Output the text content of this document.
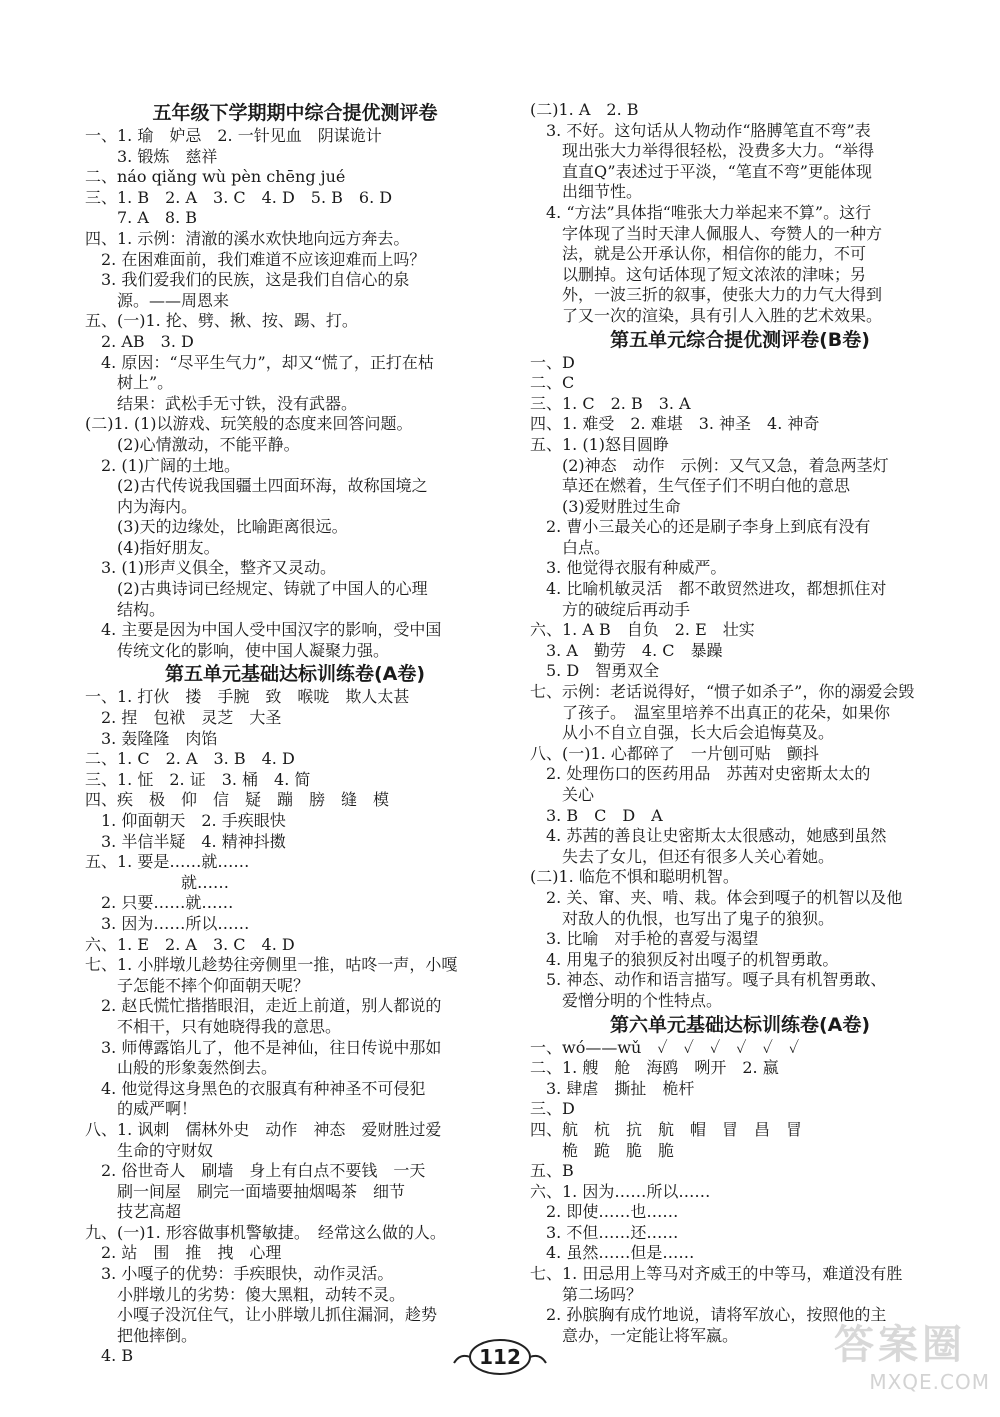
五年级下学期期中综合提优测评卷
一、1. 瑜　妒忌　2. 一针见血　阴谋诡计
　　3. 锻炼　慈祥
二、náo qiǎng wù pèn chēng jué
三、1. B　2. A　3. C　4. D　5. B　6. D
　　7. A　8. B
四、1. 示例：清澈的溪水欢快地向远方奔去。
　2. 在困难面前，我们难道不应该迎难而上吗？
　3. 我们爱我们的民族，这是我们自信心的泉
　　源。——周恩来
五、(一)1. 抡、劈、揪、按、踢、打。
　2. AB　3. D
　4. 原因：“尽平生气力”，却又“慌了，正打在枯
　　树上”。
　　结果：武松手无寸铁，没有武器。
(二)1. (1)以游戏、玩笑般的态度来回答问题。
　　(2)心情激动，不能平静。
　2. (1)广阔的土地。
　　(2)古代传说我国疆土四面环海，故称国境之
　　内为海内。
　　(3)天的边缘处，比喻距离很远。
　　(4)指好朋友。
　3. (1)形声义俱全，整齐又灵动。
　　(2)古典诗词已经规定、铸就了中国人的心理
　　结构。
　4. 主要是因为中国人受中国汉字的影响，受中国
　　传统文化的影响，使中国人凝聚力强。
第五单元基础达标训练卷(A卷)
一、1. 打伙　搂　手腕　致　喉咙　欺人太甚
　2. 捏　包袱　灵芝　大圣
　3. 轰隆隆　肉馅
二、1. C　2. A　3. B　4. D
三、1. 怔　2. 证　3. 桶　4. 简
四、疾　极　仰　信　疑　蹦　膀　缝　模
　1. 仰面朝天　2. 手疾眼快
　3. 半信半疑　4. 精神抖擞
五、1. 要是……就……
　　　　　　就……
　2. 只要……就……
　3. 因为……所以……
六、1. E　2. A　3. C　4. D
七、1. 小胖墩儿趁势往旁侧里一推，咕咚一声，小嘎
　　子怎能不摔个仰面朝天呢？
　2. 赵氏慌忙揩揩眼泪，走近上前道，别人都说的
　　不相干，只有她晓得我的意思。
　3. 师傅露馅儿了，他不是神仙，往日传说中那如
　　山般的形象轰然倒去。
　4. 他觉得这身黑色的衣服真有种神圣不可侵犯
　　的威严啊！
八、1. 讽刺　儒林外史　动作　神态　爱财胜过爱
　　生命的守财奴
　2. 俗世奇人　刷墙　身上有白点不要钱　一天
　　刷一间屋　刷完一面墙要抽烟喝茶　细节
　　技艺高超
九、(一)1. 形容做事机警敏捷。　经常这么做的人。
　2. 站　围　推　拽　心理
　3. 小嘎子的优势：手疾眼快，动作灵活。
　　小胖墩儿的劣势：傻大黑粗，动转不灵。
　　小嘎子没沉住气，让小胖墩儿抓住漏洞，趁势
　　把他摔倒。
　4. B
(二)1. A　2. B
　3. 不好。这句话从人物动作“胳膊笔直不弯”表
　　现出张大力举得很轻松，没费多大力。“举得
　　直直Q”表述过于平淡，“笔直不弯”更能体现
　　出细节性。
　4. “方法”具体指“唯张大力举起来不算”。这行
　　字体现了当时天津人佩服人、夸赞人的一种方
　　法，就是公开承认你，相信你的能力，不可
　　以删掉。这句话体现了短文浓浓的津味；另
　　外，一波三折的叙事，使张大力的力气大得到
　　了又一次的渲染，具有引人入胜的艺术效果。
第五单元综合提优测评卷(B卷)
一、D
二、C
三、1. C　2. B　3. A
四、1. 难受　2. 难堪　3. 神圣　4. 神奇
五、1. (1)怒目圆睁
　　(2)神态　动作　示例：又气又急，着急两茎灯
　　草还在燃着，生气侄子们不明白他的意思
　　(3)爱财胜过生命
　2. 曹小三最关心的还是刷子李身上到底有没有
　　白点。
　3. 他觉得衣服有种威严。
　4. 比喻机敏灵活　都不敢贸然进攻，都想抓住对
　　方的破绽后再动手
六、1. A B　自负　2. E　壮实
　3. A　勤劳　4. C　暴躁
　5. D　智勇双全
七、示例：老话说得好，“惯子如杀子”，你的溺爱会毁
　　了孩子。　温室里培养不出真正的花朵，如果你
　　从小不自立自强，长大后会追悔莫及。
八、(一)1. 心都碎了　一片刨可贴　颤抖
　2. 处理伤口的医药用品　苏茜对史密斯太太的
　　关心
　3. B　C　D　A
　4. 苏茜的善良让史密斯太太很感动，她感到虽然
　　失去了女儿，但还有很多人关心着她。
(二)1. 临危不惧和聪明机智。
　2. 关、窜、夹、啃、栽。体会到嘎子的机智以及他
　　对敌人的仇恨，也写出了鬼子的狼狈。
　3. 比喻　对手枪的喜爱与渴望
　4. 用鬼子的狼狈反衬出嘎子的机智勇敢。
　5. 神态、动作和语言描写。嘎子具有机智勇敢、
　　爱憎分明的个性特点。
第六单元基础达标训练卷(A卷)
一、wó——wǔ　✓　✓　✓　✓　✓　✓
二、1. 艘　舱　海鸥　咧开　2. 嬴
　3. 肆虐　撕扯　桅杆
三、D
四、航　杭　抗　航　帽　冒　昌　冒
　　桅　跪　脆　脆
五、B
六、1. 因为……所以……
　2. 即使……也……
　3. 不但……还……
　4. 虽然……但是……
七、1. 田忌用上等马对齐威王的中等马，难道没有胜
　　第二场吗？
　2. 孙膑胸有成竹地说，请将军放心，按照他的主
　　意办，一定能让将军嬴。
112	答案圈
MXQE.COM
